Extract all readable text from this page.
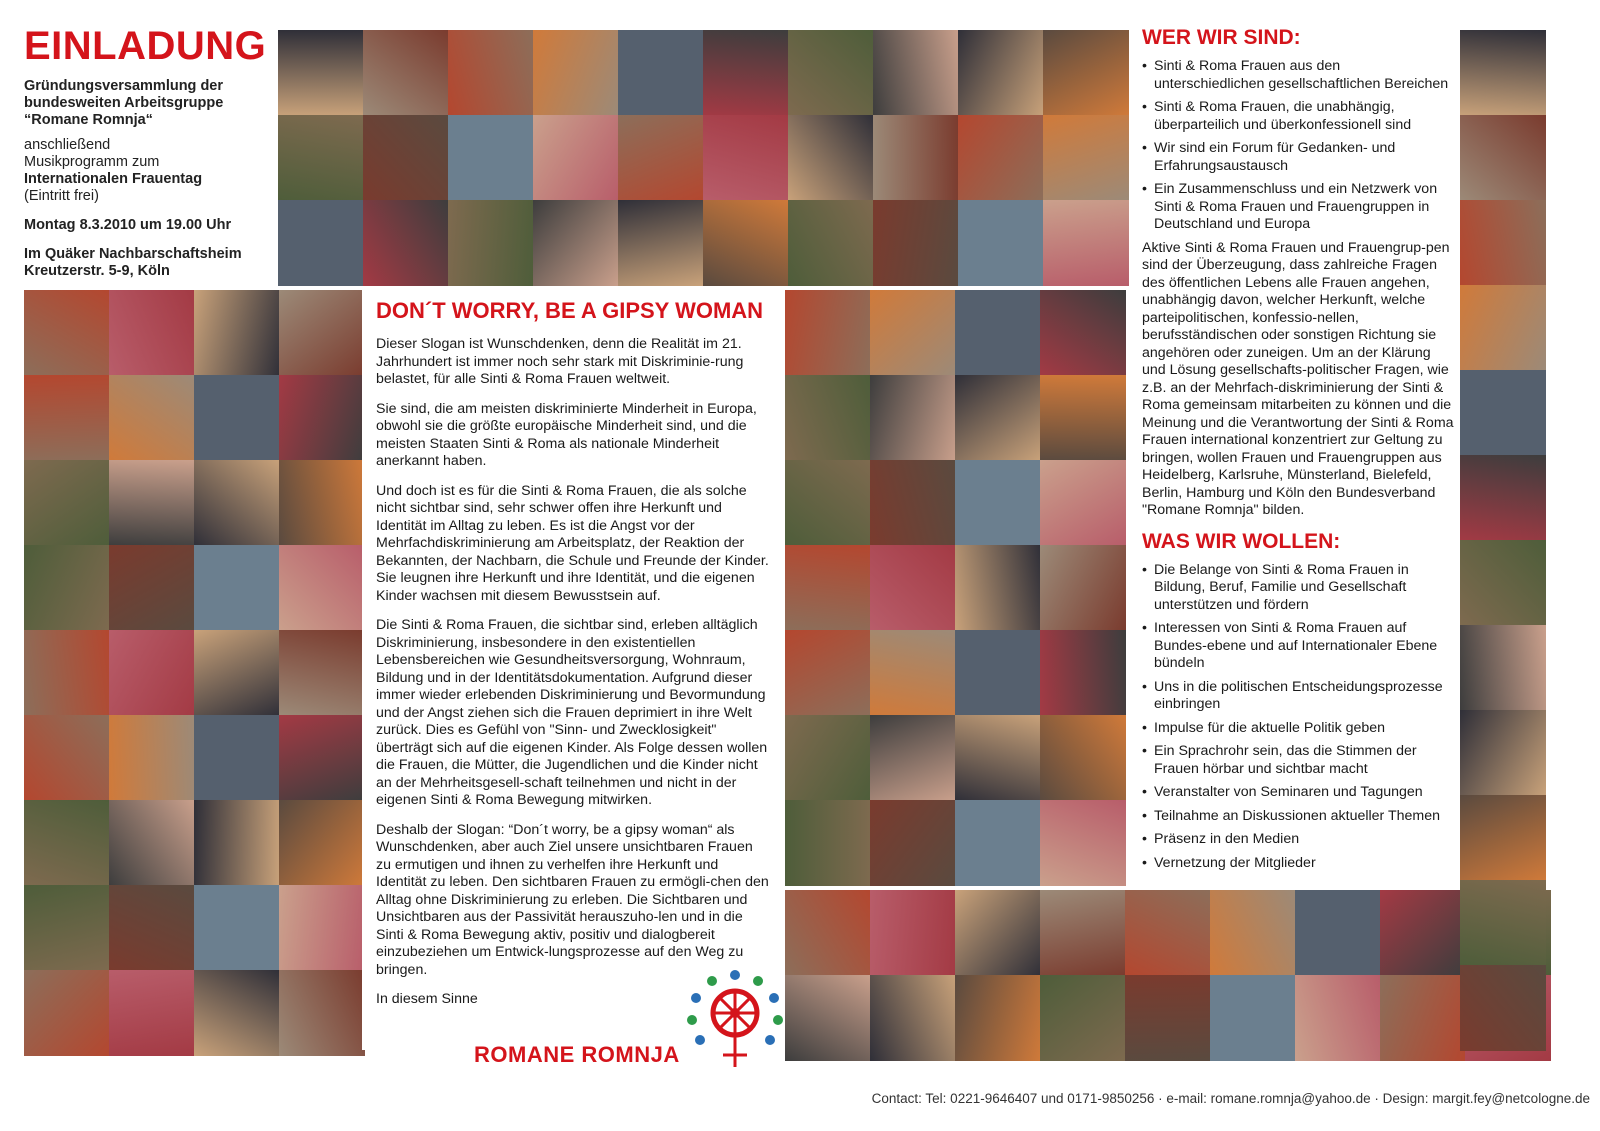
EINLADUNG
Gründungsversammlung der
bundesweiten Arbeitsgruppe
“Romane Romnja“
anschließend
Musikprogramm zum
Internationalen Frauentag
(Eintritt frei)
Montag 8.3.2010 um 19.00 Uhr
Im Quäker Nachbarschaftsheim
Kreutzerstr. 5-9, Köln
DON´T WORRY, BE A GIPSY WOMAN

Dieser Slogan ist Wunschdenken, denn die Realität im 21. Jahrhundert ist immer noch sehr stark mit Diskriminie-rung belastet, für alle Sinti & Roma Frauen weltweit.

Sie sind, die am meisten diskriminierte Minderheit in Europa, obwohl sie die größte europäische Minderheit sind, und die meisten Staaten Sinti & Roma als nationale Minderheit anerkannt haben.

Und doch ist es für die Sinti & Roma Frauen, die als solche nicht sichtbar sind, sehr schwer offen ihre Herkunft und Identität im Alltag zu leben. Es ist die Angst vor der Mehrfachdiskriminierung am Arbeitsplatz, der Reaktion der Bekannten, der Nachbarn, die Schule und Freunde der Kinder. Sie leugnen ihre Herkunft und ihre Identität, und die eigenen Kinder wachsen mit diesem Bewusstsein auf.

Die Sinti & Roma Frauen, die sichtbar sind, erleben alltäglich Diskriminierung, insbesondere in den existentiellen Lebensbereichen wie Gesundheitsversorgung, Wohnraum, Bildung und in der Identitätsdokumentation. Aufgrund dieser immer wieder erlebenden Diskriminierung und Bevormundung und der Angst ziehen sich die Frauen deprimiert in ihre Welt zurück. Dies es Gefühl von "Sinn- und Zwecklosigkeit" überträgt sich auf die eigenen Kinder. Als Folge dessen wollen die Frauen, die Mütter, die Jugendlichen und die Kinder nicht an der Mehrheitsgesell-schaft teilnehmen und nicht in der eigenen Sinti & Roma Bewegung mitwirken.

Deshalb der Slogan: “Don´t worry, be a gipsy woman“ als Wunschdenken, aber auch Ziel unsere unsichtbaren Frauen zu ermutigen und ihnen zu verhelfen ihre Herkunft und Identität zu leben. Den sichtbaren Frauen zu ermögli-chen den Alltag ohne Diskriminierung zu erleben. Die Sichtbaren und Unsichtbaren aus der Passivität herauszuho-len und in die Sinti & Roma Bewegung aktiv, positiv und dialogbereit einzubeziehen um Entwick-lungsprozesse auf den Weg zu bringen.

In diesem Sinne

WER WIR SIND:
• Sinti & Roma Frauen aus den unterschiedlichen gesellschaftlichen Bereichen
• Sinti & Roma Frauen, die unabhängig, überparteilich und überkonfessionell sind
• Wir sind ein Forum für Gedanken- und Erfahrungsaustausch
• Ein Zusammenschluss und ein Netzwerk von Sinti & Roma Frauen und Frauengruppen in Deutschland und Europa
Aktive Sinti & Roma Frauen und Frauengrup-pen sind der Überzeugung, dass zahlreiche Fragen des öffentlichen Lebens alle Frauen angehen, unabhängig davon, welcher Herkunft, welche parteipolitischen, konfessio-nellen, berufsständischen oder sonstigen Richtung sie angehören oder zuneigen. Um an der Klärung und Lösung gesellschafts-politischer Fragen, wie z.B. an der Mehrfach-diskriminierung der Sinti & Roma gemeinsam mitarbeiten zu können und die Meinung und die Verantwortung der Sinti & Roma Frauen international konzentriert zur Geltung zu bringen, wollen Frauen und Frauengruppen aus Heidelberg, Karlsruhe, Münsterland, Bielefeld, Berlin, Hamburg und Köln den Bundesverband "Romane Romnja" bilden.
WAS WIR WOLLEN:
• Die Belange von Sinti & Roma Frauen in Bildung, Beruf, Familie und Gesellschaft unterstützen und fördern
• Interessen von Sinti & Roma Frauen auf Bundes-ebene und auf Internationaler Ebene bündeln
• Uns in die politischen Entscheidungsprozesse einbringen
• Impulse für die aktuelle Politik geben
• Ein Sprachrohr sein, das die Stimmen der Frauen hörbar und sichtbar macht
• Veranstalter von Seminaren und Tagungen
• Teilnahme an Diskussionen aktueller Themen
• Präsenz in den Medien
• Vernetzung der Mitglieder
ROMANE ROMNJA
Contact: Tel: 0221-9646407 und 0171-9850256 · e-mail: romane.romnja@yahoo.de · Design: margit.fey@netcologne.de
